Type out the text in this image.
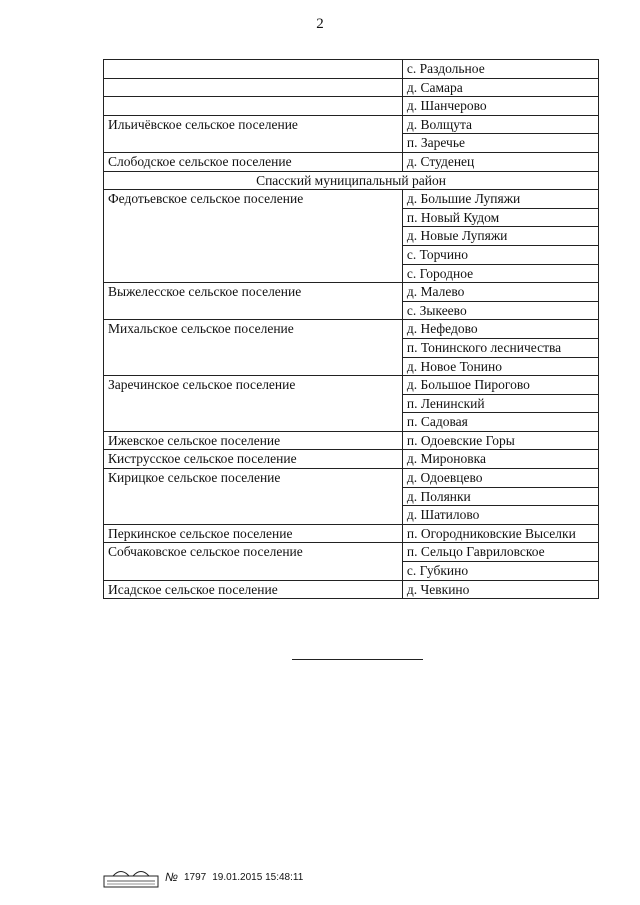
2
	с. Раздольное
	д. Самара
	д. Шанчерово
Ильичёвское сельское поселение	д. Волщута
	п. Заречье
Слободское сельское поселение	д. Студенец
Спасский муниципальный район	
Федотьевское сельское поселение	д. Большие Лупяжи
	п. Новый Кудом
	д. Новые Лупяжи
	с. Торчино
	с. Городное
Выжелесское сельское поселение	д. Малево
	с. Зыкеево
Михальское сельское поселение	д. Нефедово
	п. Тонинского лесничества
	д. Новое Тонино
Заречинское сельское поселение	д. Большое Пирогово
	п. Ленинский
	п. Садовая
Ижевское сельское поселение	п. Одоевские Горы
Киструсское сельское поселение	д. Мироновка
Кирицкое сельское поселение	д. Одоевцево
	д. Полянки
	д. Шатилово
Перкинское сельское поселение	п. Огородниковские Выселки
Собчаковское сельское поселение	п. Сельцо Гавриловское
	с. Губкино
Исадское сельское поселение	д. Чевкино
№ 1797 19.01.2015 15:48:11
